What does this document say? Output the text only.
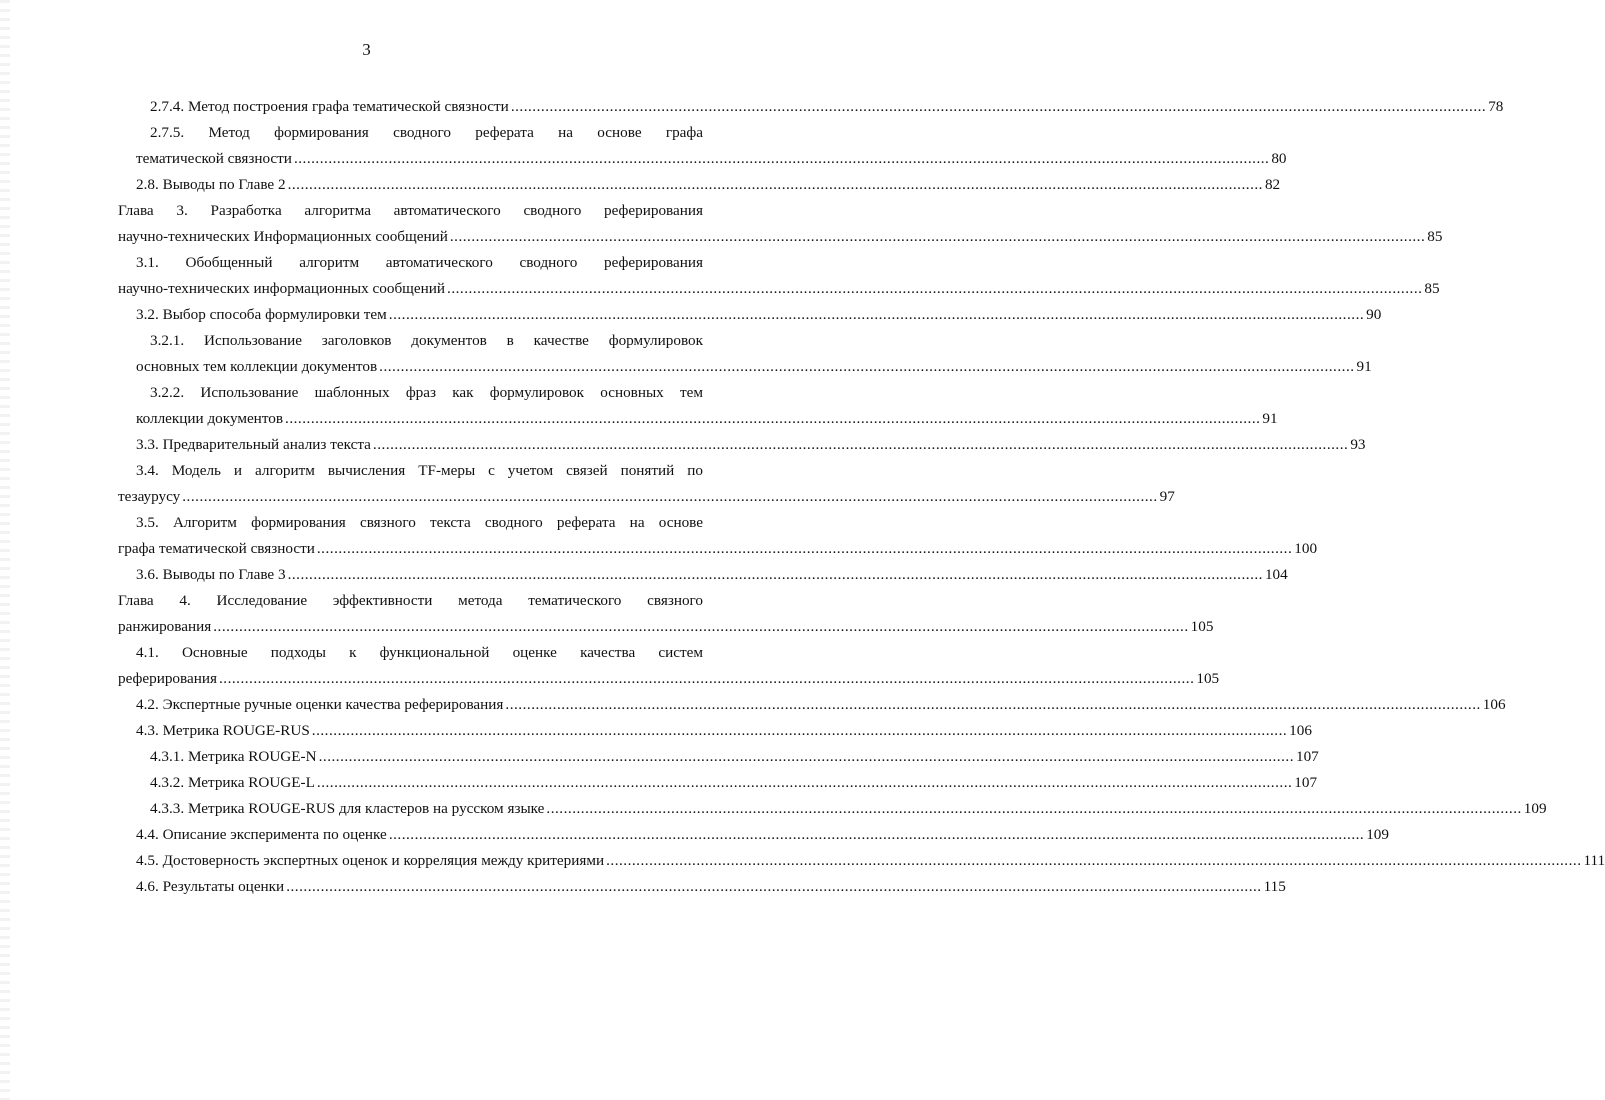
3
2.7.4. Метод построения графа тематической связности .....	78
2.7.5. Метод формирования сводного реферата на основе графа
тематической связности .....	80
2.8. Выводы по Главе 2 .....	82
Глава 3. Разработка алгоритма автоматического сводного реферирования
научно-технических Информационных сообщений .....	85
3.1. Обобщенный алгоритм автоматического сводного реферирования
научно-технических информационных сообщений .....	85
3.2. Выбор способа формулировки тем .....	90
3.2.1. Использование заголовков документов в качестве формулировок
основных тем коллекции документов .....	91
3.2.2. Использование шаблонных фраз как формулировок основных тем
коллекции документов .....	91
3.3. Предварительный анализ текста .....	93
3.4. Модель и алгоритм вычисления TF-меры с учетом связей понятий по
тезаурусу .....	97
3.5. Алгоритм формирования связного текста сводного реферата на основе
графа тематической связности .....	100
3.6. Выводы по Главе 3 .....	104
Глава 4. Исследование эффективности метода тематического связного
ранжирования .....	105
4.1. Основные подходы к функциональной оценке качества систем
реферирования .....	105
4.2. Экспертные ручные оценки качества реферирования .....	106
4.3. Метрика ROUGE-RUS .....	106
4.3.1. Метрика ROUGE-N .....	107
4.3.2. Метрика ROUGE-L .....	107
4.3.3. Метрика ROUGE-RUS для кластеров на русском языке .....	109
4.4. Описание эксперимента по оценке .....	109
4.5. Достоверность экспертных оценок и корреляция между критериями .....	111
4.6. Результаты оценки .....	115
